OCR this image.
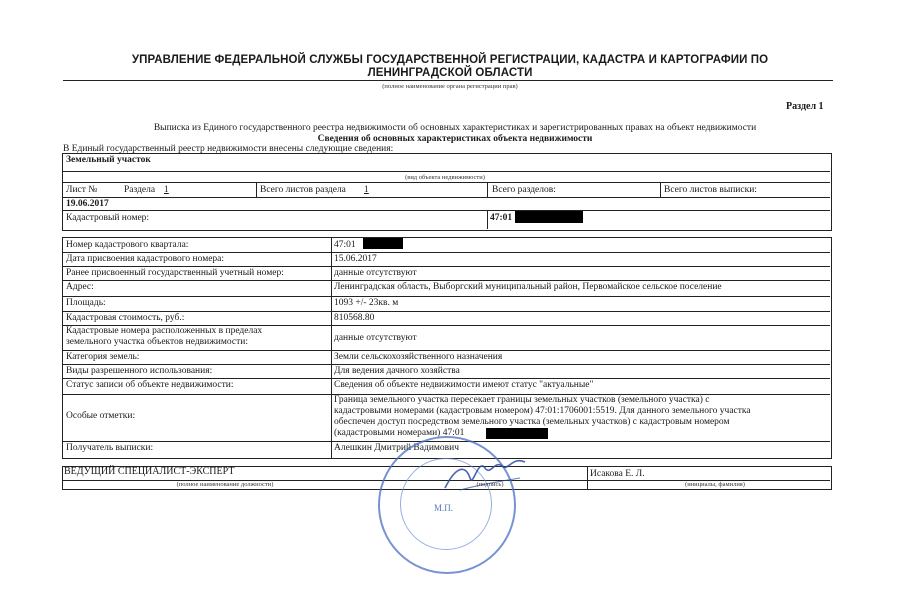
УПРАВЛЕНИЕ ФЕДЕРАЛЬНОЙ СЛУЖБЫ ГОСУДАРСТВЕННОЙ РЕГИСТРАЦИИ, КАДАСТРА И КАРТОГРАФИИ ПО ЛЕНИНГРАДСКОЙ ОБЛАСТИ
(полное наименование органа регистрации прав)
Раздел 1
Выписка из Единого государственного реестра недвижимости об основных характеристиках и зарегистрированных правах на объект недвижимости
Сведения об основных характеристиках объекта недвижимости
В Единый государственный реестр недвижимости внесены следующие сведения:
Земельный участок
(вид объекта недвижимости)
Лист №	Раздела 1	Всего листов раздела 1	Всего разделов:	Всего листов выписки:
19.06.2017
Кадастровый номер:	47:01
Номер кадастрового квартала:	47:01
Дата присвоения кадастрового номера:	15.06.2017
Ранее присвоенный государственный учетный номер:	данные отсутствуют
Адрес:	Ленинградская область, Выборгский муниципальный район, Первомайское сельское поселение
Площадь:	1093 +/- 23кв. м
Кадастровая стоимость, руб.:	810568.80
Кадастровые номера расположенных в пределах
земельного участка объектов недвижимости:	данные отсутствуют
Категория земель:	Земли сельскохозяйственного назначения
Виды разрешенного использования:	Для ведения дачного хозяйства
Статус записи об объекте недвижимости:	Сведения об объекте недвижимости имеют статус "актуальные"
Особые отметки:
Граница земельного участка пересекает границы земельных участков (земельного участка) с
кадастровыми номерами (кадастровым номером) 47:01:1706001:5519. Для данного земельного участка
обеспечен доступ посредством земельного участка (земельных участков) с кадастровым номером
(кадастровыми номерами) 47:01
Получатель выписки:	Алешкин Дмитрий Вадимович
ВЕДУЩИЙ СПЕЦИАЛИСТ-ЭКСПЕРТ	Исакова Е. Л.
(полное наименование должности)	(подпись)	(инициалы, фамилия)
М.П.
